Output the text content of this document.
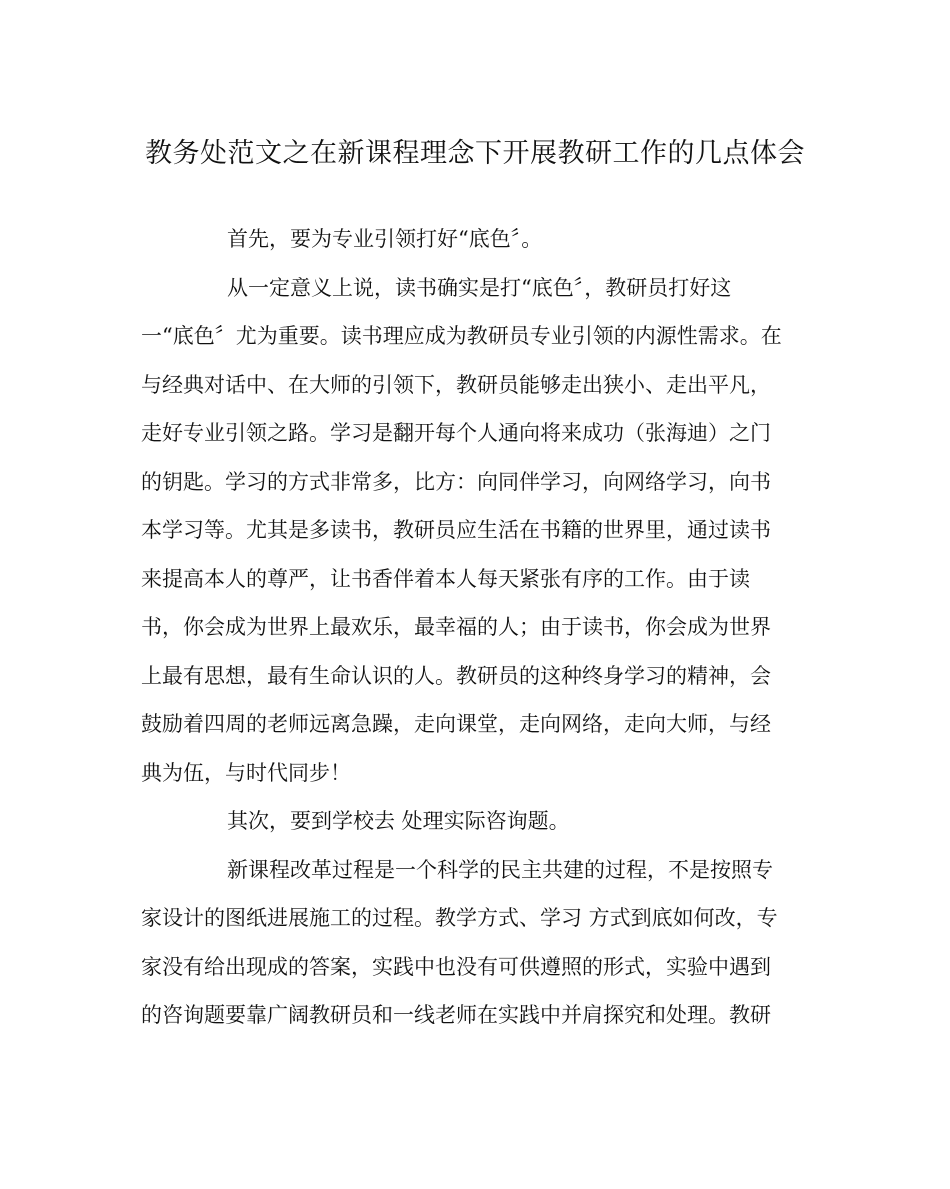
教务处范文之在新课程理念下开展教研工作的几点体会
首先，要为专业引领打好“底色〞。
从一定意义上说，读书确实是打“底色〞，教研员打好这
一“底色〞尤为重要。读书理应成为教研员专业引领的内源性需求。在
与经典对话中、在大师的引领下，教研员能够走出狭小、走出平凡，
走好专业引领之路。学习是翻开每个人通向将来成功（张海迪）之门
的钥匙。学习的方式非常多，比方：向同伴学习，向网络学习，向书
本学习等。尤其是多读书，教研员应生活在书籍的世界里，通过读书
来提高本人的尊严，让书香伴着本人每天紧张有序的工作。由于读
书，你会成为世界上最欢乐，最幸福的人；由于读书，你会成为世界
上最有思想，最有生命认识的人。教研员的这种终身学习的精神，会
鼓励着四周的老师远离急躁，走向课堂，走向网络，走向大师，与经
典为伍，与时代同步！
其次，要到学校去 处理实际咨询题。
新课程改革过程是一个科学的民主共建的过程，不是按照专
家设计的图纸进展施工的过程。教学方式、学习 方式到底如何改，专
家没有给出现成的答案，实践中也没有可供遵照的形式，实验中遇到
的咨询题要靠广阔教研员和一线老师在实践中并肩探究和处理。教研
